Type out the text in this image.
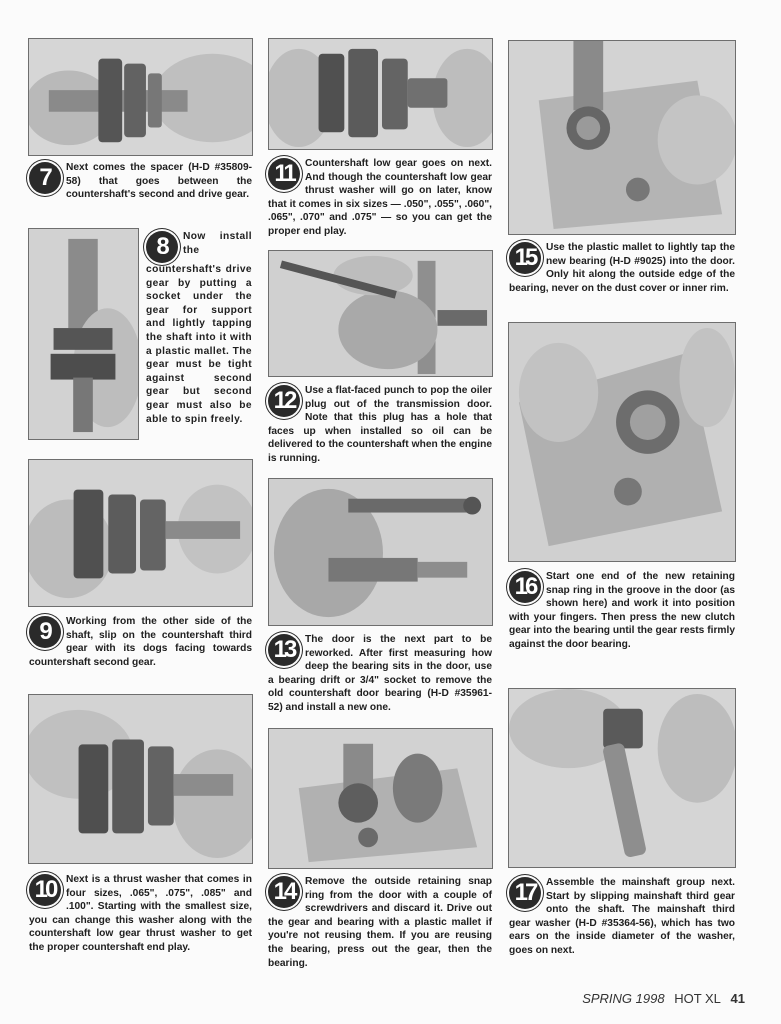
7	Next comes the spacer (H-D #35809-58) that goes between the countershaft's second and drive gear.

8	Now install the countershaft's drive gear by putting a socket under the gear for support and lightly tapping the shaft into it with a plastic mallet. The gear must be tight against second gear but second gear must also be able to spin freely.

9	Working from the other side of the shaft, slip on the countershaft third gear with its dogs facing towards countershaft second gear.

10	Next is a thrust washer that comes in four sizes, .065", .075", .085" and .100". Starting with the smallest size, you can change this washer along with the countershaft low gear thrust washer to get the proper countershaft end play.

11	Countershaft low gear goes on next. And though the countershaft low gear thrust washer will go on later, know that it comes in six sizes — .050", .055", .060", .065", .070" and .075" — so you can get the proper end play.

12	Use a flat-faced punch to pop the oiler plug out of the transmission door. Note that this plug has a hole that faces up when installed so oil can be delivered to the countershaft when the engine is running.

13	The door is the next part to be reworked. After first measuring how deep the bearing sits in the door, use a bearing drift or 3/4" socket to remove the old countershaft door bearing (H-D #35961-52) and install a new one.

14	Remove the outside retaining snap ring from the door with a couple of screwdrivers and discard it. Drive out the gear and bearing with a plastic mallet if you're not reusing them. If you are reusing the bearing, press out the gear, then the bearing.

15	Use the plastic mallet to lightly tap the new bearing (H-D #9025) into the door. Only hit along the outside edge of the bearing, never on the dust cover or inner rim.

16	Start one end of the new retaining snap ring in the groove in the door (as shown here) and work it into position with your fingers. Then press the new clutch gear into the bearing until the gear rests firmly against the door bearing.

17	Assemble the mainshaft group next. Start by slipping mainshaft third gear onto the shaft. The mainshaft third gear washer (H-D #35364-56), which has two ears on the inside diameter of the washer, goes on next.

SPRING 1998 HOT XL 41
